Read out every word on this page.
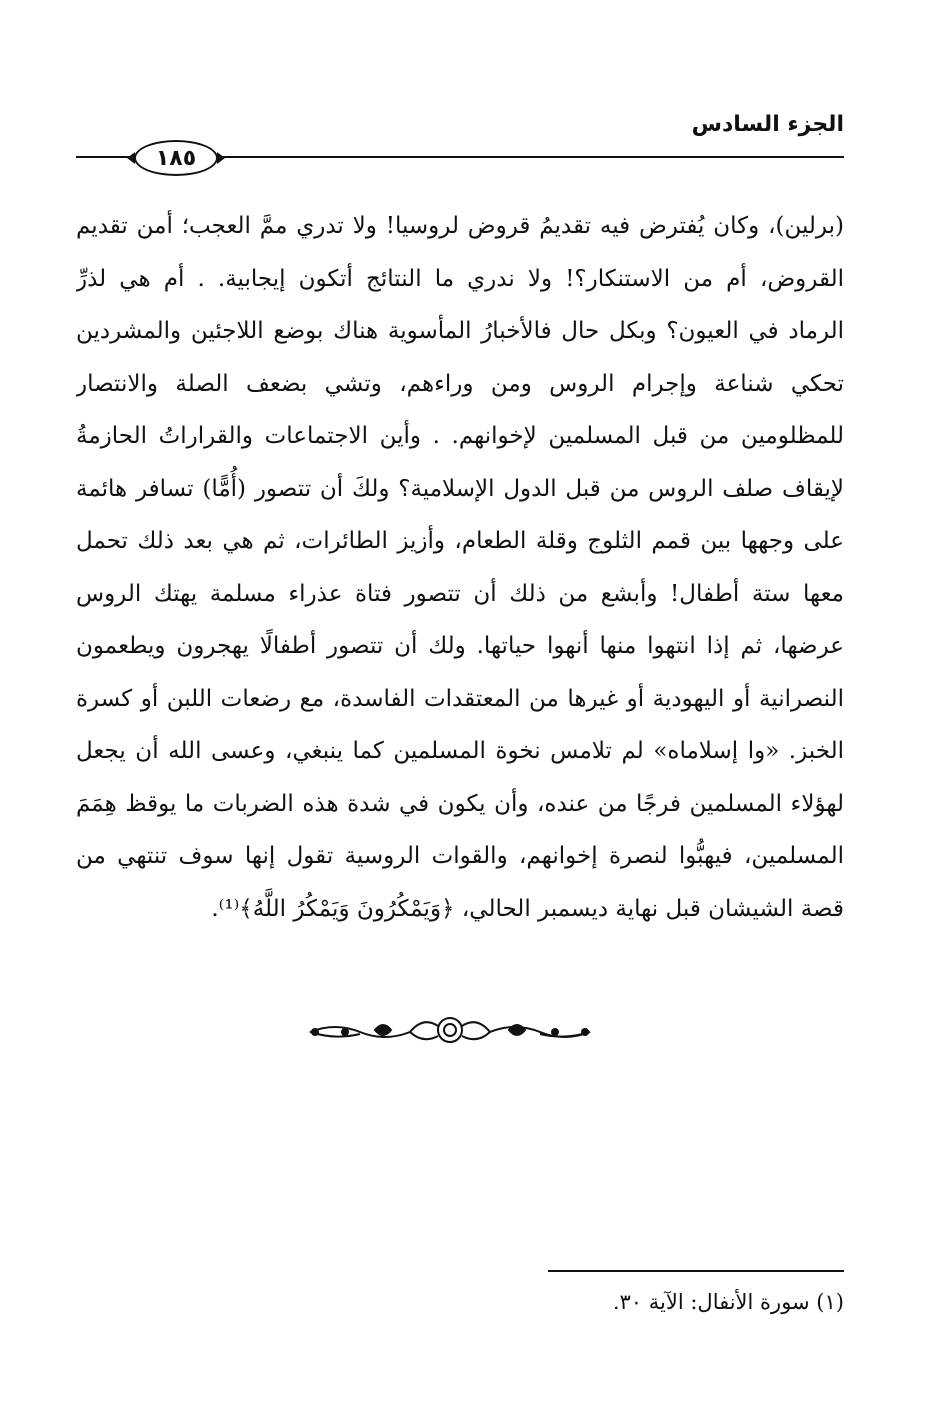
الجزء السادس
١٨٥
(برلين)، وكان يُفترض فيه تقديمُ قروض لروسيا! ولا تدري ممَّ العجب؛ أمن تقديم
القروض، أم من الاستنكار؟! ولا ندري ما النتائج أتكون إيجابية. . أم هي لذرِّ
الرماد في العيون؟ وبكل حال فالأخبارُ المأسوية هناك بوضع اللاجئين والمشردين
تحكي شناعة وإجرام الروس ومن وراءهم، وتشي بضعف الصلة والانتصار
للمظلومين من قبل المسلمين لإخوانهم. . وأين الاجتماعات والقراراتُ الحازمةُ
لإيقاف صلف الروس من قبل الدول الإسلامية؟ ولكَ أن تتصور (أُمًّا) تسافر هائمة
على وجهها بين قمم الثلوج وقلة الطعام، وأزيز الطائرات، ثم هي بعد ذلك تحمل
معها ستة أطفال! وأبشع من ذلك أن تتصور فتاة عذراء مسلمة يهتك الروس
عرضها، ثم إذا انتهوا منها أنهوا حياتها. ولك أن تتصور أطفالًا يهجرون ويطعمون
النصرانية أو اليهودية أو غيرها من المعتقدات الفاسدة، مع رضعات اللبن أو كسرة
الخبز. «وا إسلاماه» لم تلامس نخوة المسلمين كما ينبغي، وعسى الله أن يجعل
لهؤلاء المسلمين فرجًا من عنده، وأن يكون في شدة هذه الضربات ما يوقظ هِمَمَ
المسلمين، فيهبُّوا لنصرة إخوانهم، والقوات الروسية تقول إنها سوف تنتهي من
قصة الشيشان قبل نهاية ديسمبر الحالي، ﴿وَيَمْكُرُونَ وَيَمْكُرُ اللَّهُ﴾⁽¹⁾.
(١) سورة الأنفال: الآية ٣٠.
